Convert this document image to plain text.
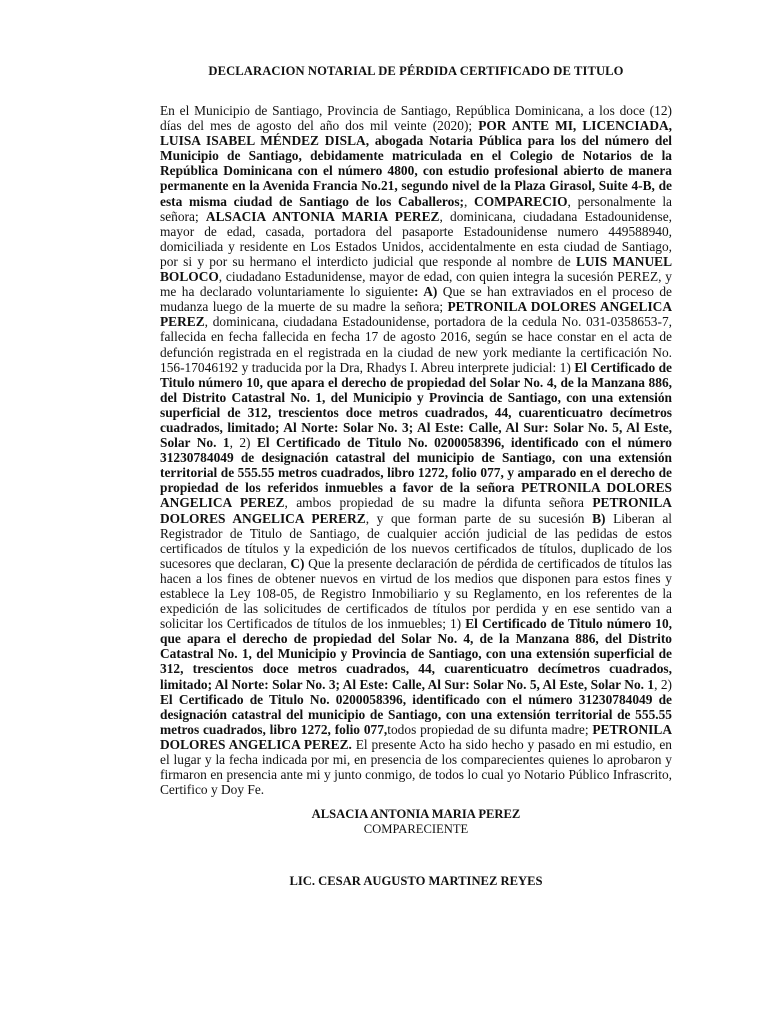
DECLARACION NOTARIAL DE PÉRDIDA CERTIFICADO DE TITULO
En el Municipio de Santiago, Provincia de Santiago, República Dominicana, a los doce (12) días del mes de agosto del año dos mil veinte (2020); POR ANTE MI, LICENCIADA, LUISA ISABEL MÉNDEZ DISLA, abogada Notaria Pública para los del número del Municipio de Santiago, debidamente matriculada en el Colegio de Notarios de la República Dominicana con el número 4800, con estudio profesional abierto de manera permanente en la Avenida Francia No.21, segundo nivel de la Plaza Girasol, Suite 4-B, de esta misma ciudad de Santiago de los Caballeros;, COMPARECIO, personalmente la señora; ALSACIA ANTONIA MARIA PEREZ, dominicana, ciudadana Estadounidense, mayor de edad, casada, portadora del pasaporte Estadounidense numero 449588940, domiciliada y residente en Los Estados Unidos, accidentalmente en esta ciudad de Santiago, por si y por su hermano el interdicto judicial que responde al nombre de LUIS MANUEL BOLOCO, ciudadano Estadunidense, mayor de edad, con quien integra la sucesión PEREZ, y me ha declarado voluntariamente lo siguiente: A) Que se han extraviados en el proceso de mudanza luego de la muerte de su madre la señora; PETRONILA DOLORES ANGELICA PEREZ, dominicana, ciudadana Estadounidense, portadora de la cedula No. 031-0358653-7, fallecida en fecha fallecida en fecha 17 de agosto 2016, según se hace constar en el acta de defunción registrada en el registrada en la ciudad de new york mediante la certificación No. 156-17046192 y traducida por la Dra, Rhadys I. Abreu interprete judicial: 1) El Certificado de Titulo número 10, que apara el derecho de propiedad del Solar No. 4, de la Manzana 886, del Distrito Catastral No. 1, del Municipio y Provincia de Santiago, con una extensión superficial de 312, trescientos doce metros cuadrados, 44, cuarenticuatro decímetros cuadrados, limitado; Al Norte: Solar No. 3; Al Este: Calle, Al Sur: Solar No. 5, Al Este, Solar No. 1, 2) El Certificado de Titulo No. 0200058396, identificado con el número 31230784049 de designación catastral del municipio de Santiago, con una extensión territorial de 555.55 metros cuadrados, libro 1272, folio 077, y amparado en el derecho de propiedad de los referidos inmuebles a favor de la señora PETRONILA DOLORES ANGELICA PEREZ, ambos propiedad de su madre la difunta señora PETRONILA DOLORES ANGELICA PERERZ, y que forman parte de su sucesión B) Liberan al Registrador de Titulo de Santiago, de cualquier acción judicial de las pedidas de estos certificados de títulos y la expedición de los nuevos certificados de títulos, duplicado de los sucesores que declaran, C) Que la presente declaración de pérdida de certificados de títulos las hacen a los fines de obtener nuevos en virtud de los medios que disponen para estos fines y establece la Ley 108-05, de Registro Inmobiliario y su Reglamento, en los referentes de la expedición de las solicitudes de certificados de títulos por perdida y en ese sentido van a solicitar los Certificados de títulos de los inmuebles; 1) El Certificado de Titulo número 10, que apara el derecho de propiedad del Solar No. 4, de la Manzana 886, del Distrito Catastral No. 1, del Municipio y Provincia de Santiago, con una extensión superficial de 312, trescientos doce metros cuadrados, 44, cuarenticuatro decímetros cuadrados, limitado; Al Norte: Solar No. 3; Al Este: Calle, Al Sur: Solar No. 5, Al Este, Solar No. 1, 2) El Certificado de Titulo No. 0200058396, identificado con el número 31230784049 de designación catastral del municipio de Santiago, con una extensión territorial de 555.55 metros cuadrados, libro 1272, folio 077,todos propiedad de su difunta madre; PETRONILA DOLORES ANGELICA PEREZ. El presente Acto ha sido hecho y pasado en mi estudio, en el lugar y la fecha indicada por mi, en presencia de los comparecientes quienes lo aprobaron y firmaron en presencia ante mi y junto conmigo, de todos lo cual yo Notario Público Infrascrito, Certifico y Doy Fe.
ALSACIA ANTONIA MARIA PEREZ
COMPARECIENTE
LIC. CESAR AUGUSTO MARTINEZ REYES
